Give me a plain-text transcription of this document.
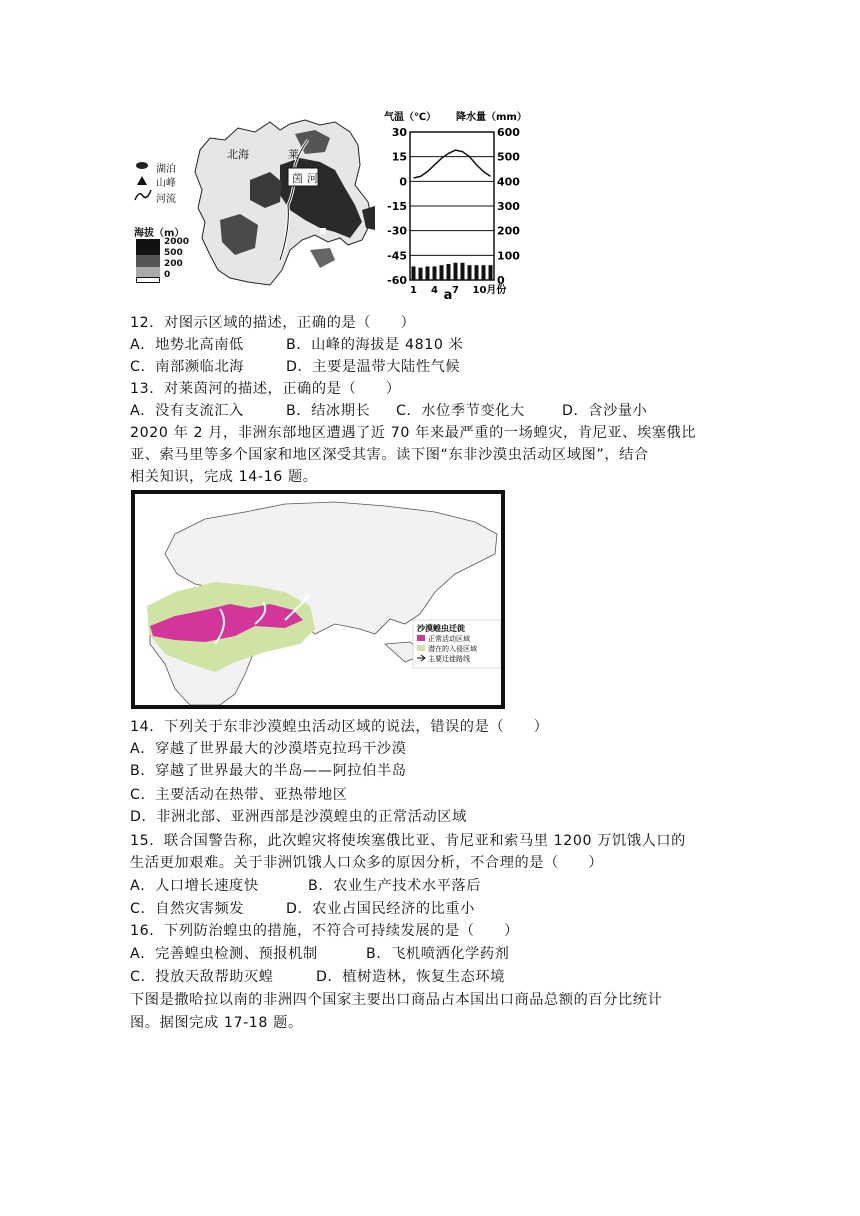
北海	莱
茵 河
湖泊
山峰
河流
海拔（m）
2000
500
200
0
气温（℃） 降水量（mm）
30	600
15	500
0	400
-15	300
-30	200
-45	100
-60	0
1 4 7 10月份
a
12．对图示区域的描述，正确的是（　　）
A．地势北高南低	B．山峰的海拔是 4810 米
C．南部濒临北海	D．主要是温带大陆性气候
13．对莱茵河的描述，正确的是（　　）
A．没有支流汇入	B．结冰期长 C．水位季节变化大	D．含沙量小
2020 年 2 月，非洲东部地区遭遇了近 70 年来最严重的一场蝗灾，肯尼亚、埃塞俄比
亚、索马里等多个国家和地区深受其害。读下图“东非沙漠虫活动区域图”，结合
相关知识，完成 14-16 题。
沙漠蝗虫迁徙
正常活动区域
潜在的入侵区域
主要迁徙路线
14．下列关于东非沙漠蝗虫活动区域的说法，错误的是（　　）
A．穿越了世界最大的沙漠塔克拉玛干沙漠
B．穿越了世界最大的半岛——阿拉伯半岛
C．主要活动在热带、亚热带地区
D．非洲北部、亚洲西部是沙漠蝗虫的正常活动区域
15．联合国警告称，此次蝗灾将使埃塞俄比亚、肯尼亚和索马里 1200 万饥饿人口的
生活更加艰难。关于非洲饥饿人口众多的原因分析，不合理的是（　　）
A．人口增长速度快	B．农业生产技术水平落后
C．自然灾害频发	D．农业占国民经济的比重小
16．下列防治蝗虫的措施，不符合可持续发展的是（　　）
A．完善蝗虫检测、预报机制	B．飞机喷洒化学药剂
C．投放天敌帮助灭蝗	D．植树造林，恢复生态环境
下图是撒哈拉以南的非洲四个国家主要出口商品占本国出口商品总额的百分比统计
图。据图完成 17-18 题。
